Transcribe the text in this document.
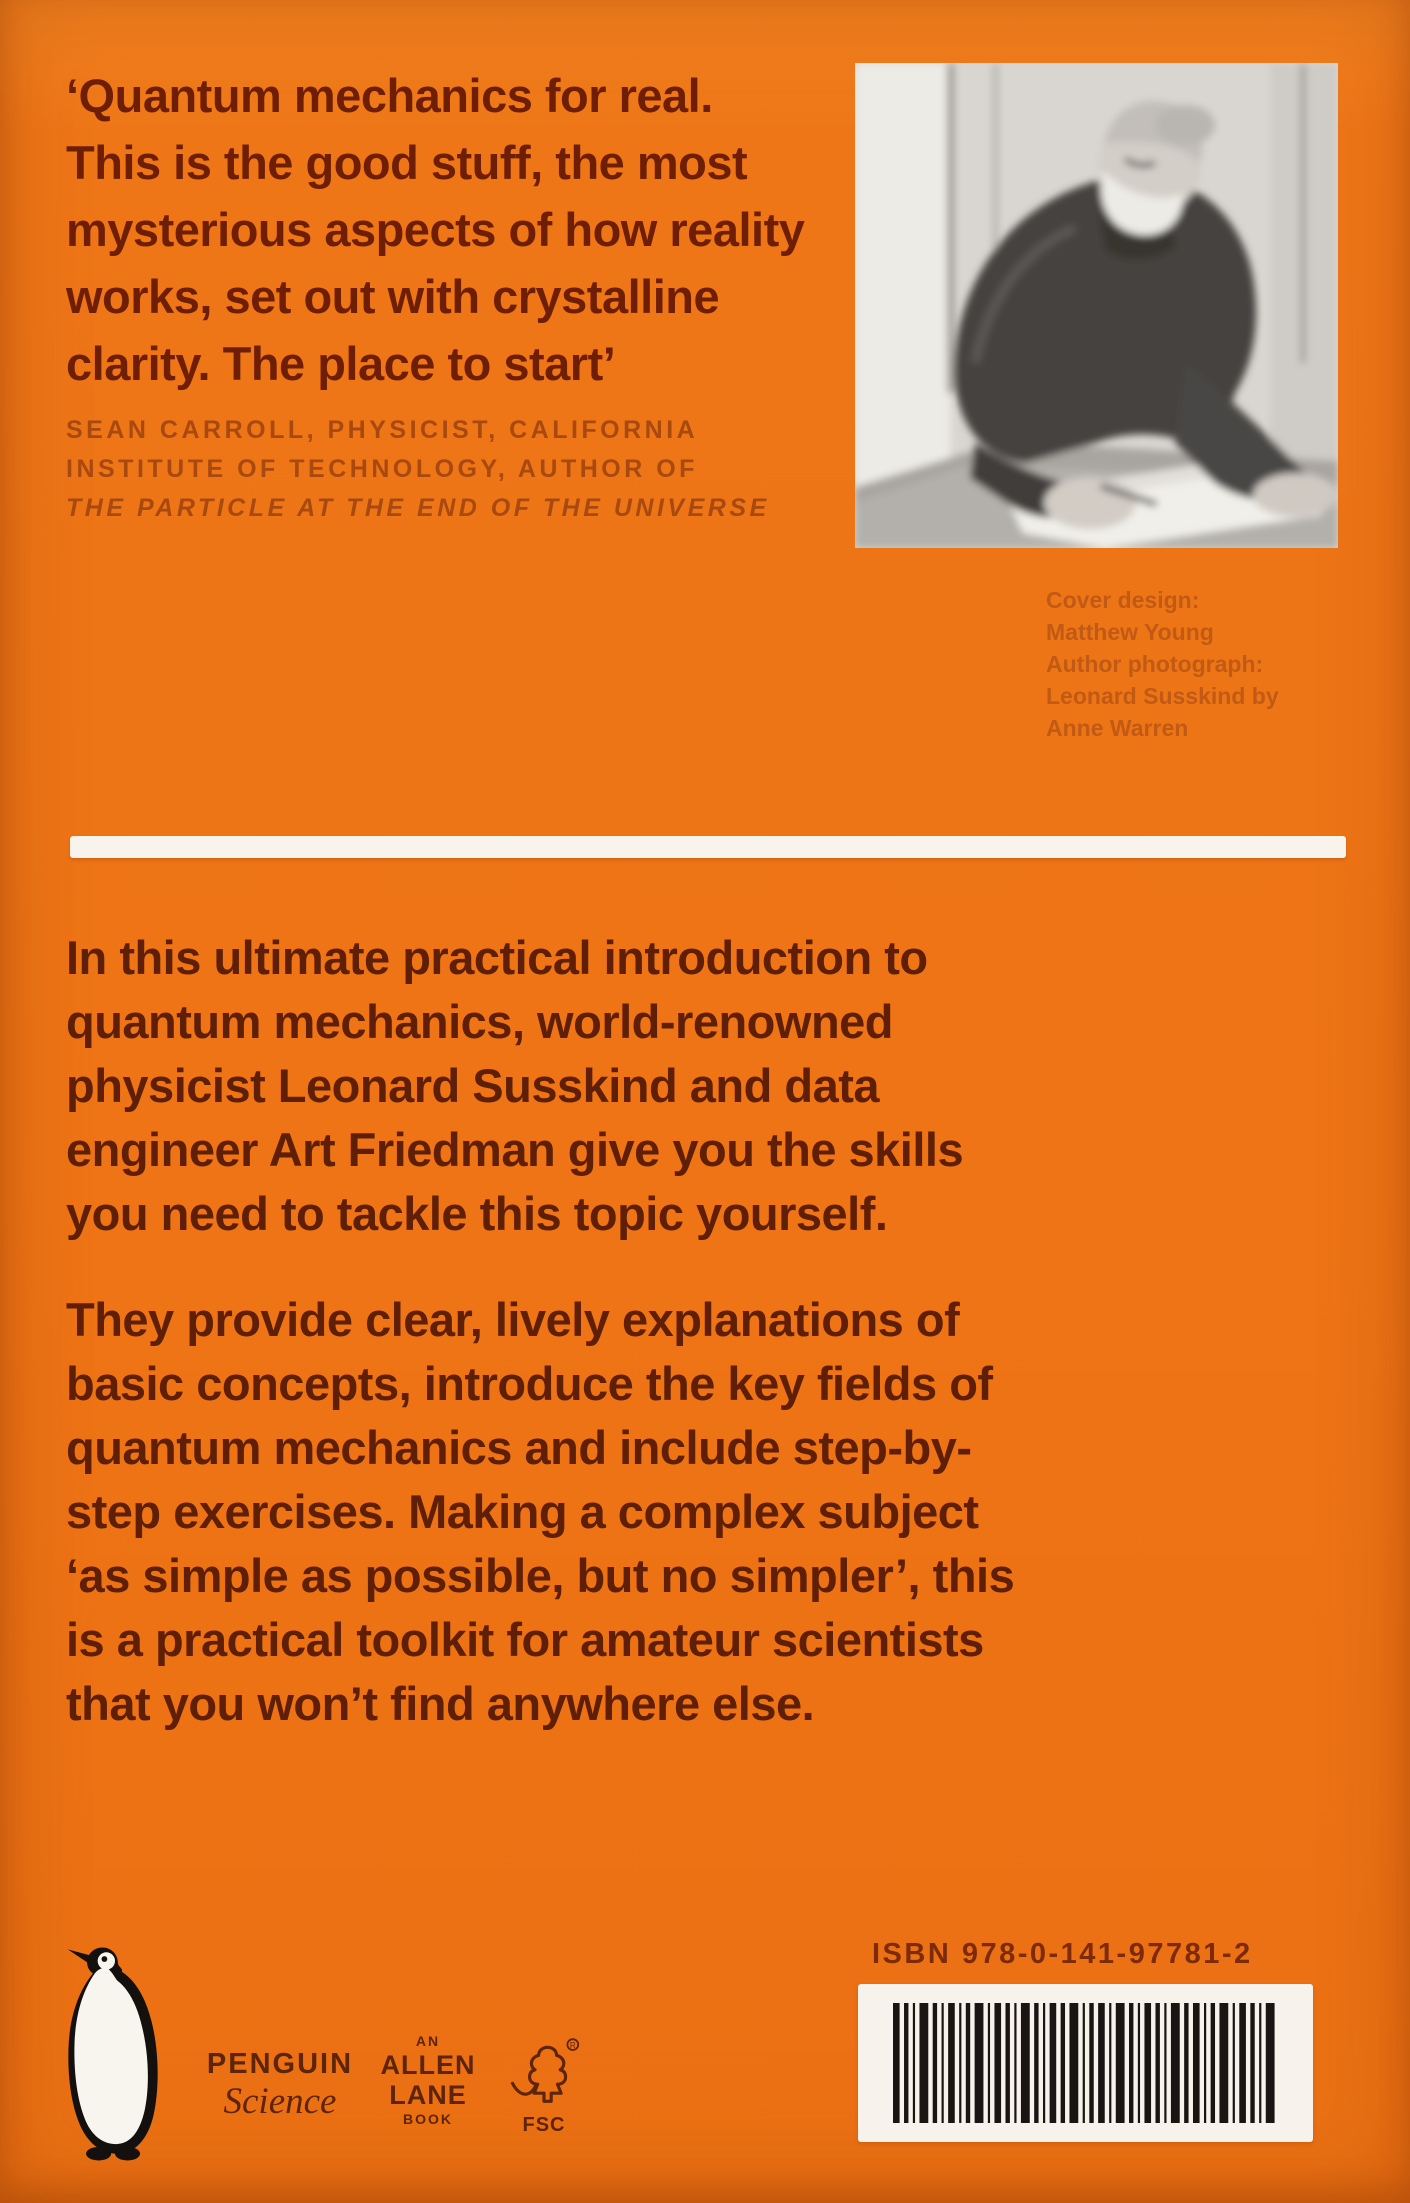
‘Quantum mechanics for real.
This is the good stuff, the most
mysterious aspects of how reality
works, set out with crystalline
clarity. The place to start’
SEAN CARROLL, PHYSICIST, CALIFORNIA
INSTITUTE OF TECHNOLOGY, AUTHOR OF
THE PARTICLE AT THE END OF THE UNIVERSE
Cover design:
Matthew Young
Author photograph:
Leonard Susskind by
Anne Warren
In this ultimate practical introduction to
quantum mechanics, world-renowned
physicist Leonard Susskind and data
engineer Art Friedman give you the skills
you need to tackle this topic yourself.
They provide clear, lively explanations of
basic concepts, introduce the key fields of
quantum mechanics and include step-by-
step exercises. Making a complex subject
‘as simple as possible, but no simpler’, this
is a practical toolkit for amateur scientists
that you won’t find anywhere else.
ISBN 978-0-141-97781-2
PENGUIN
Science
AN
ALLEN
LANE
BOOK
R
FSC
